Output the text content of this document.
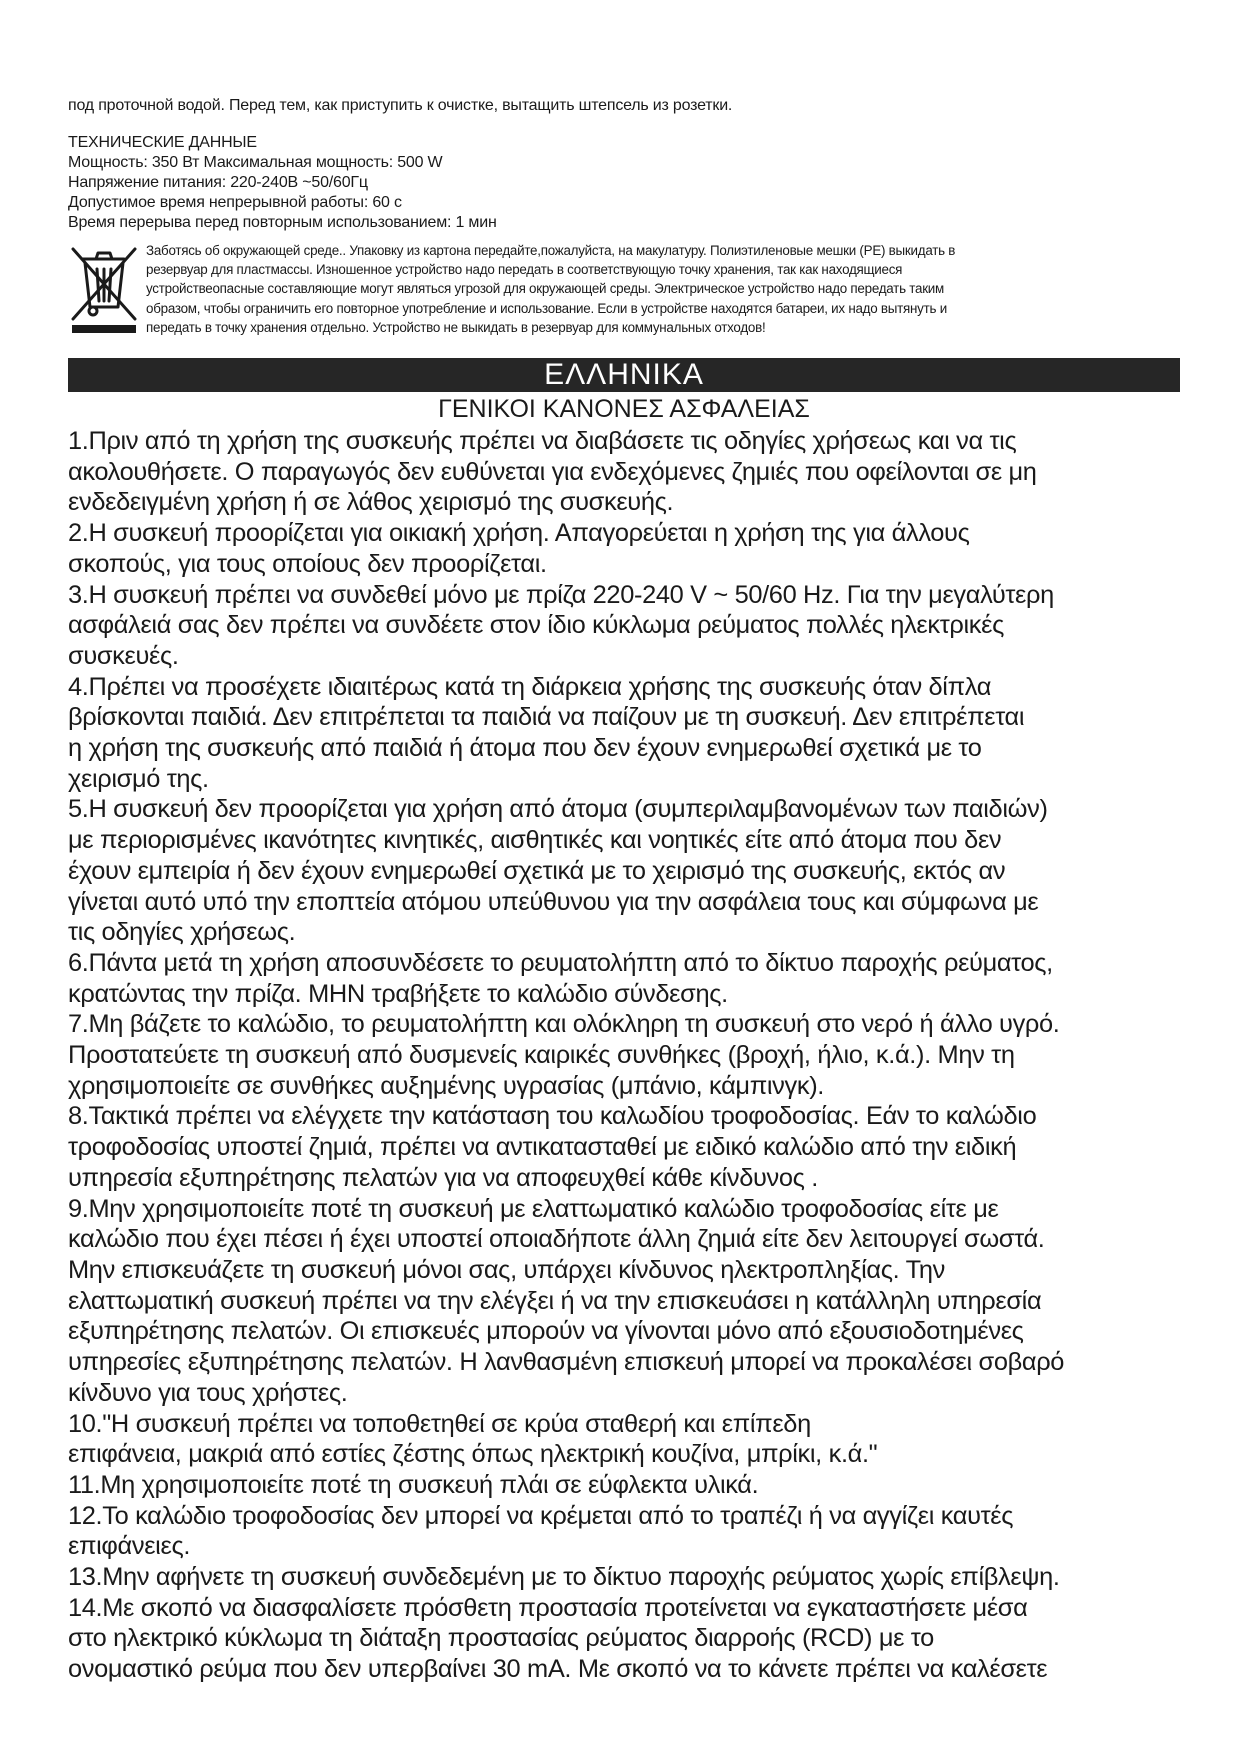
под проточной водой. Перед тем, как приступить к очистке, вытащить штепсель из розетки.
ТЕХНИЧЕСКИЕ ДАННЫЕ
Мощность: 350 Вт Максимальная мощность: 500 W
Напряжение питания: 220-240В ~50/60Гц
Допустимое время непрерывной работы: 60 с
Время перерыва перед повторным использованием: 1 мин
Заботясь об окружающей среде.. Упаковку из картона передайте,пожалуйста, на макулатуру. Полиэтиленовые мешки (PE) выкидать в
резервуар для пластмассы. Изношенное устройство надо передать в соответствующую точку хранения, так как находящиеся
устройствеопасные составляющие могут являться угрозой для окружающей среды. Электрическое устройство надо передать таким
образом, чтобы ограничить его повторное употребление и использование. Если в устройстве находятся батареи, их надо вытянуть и
передать в точку хранения отдельно. Устройство не выкидать в резервуар для коммунальных отходов!
ΕΛΛΗΝΙΚΑ
ΓΕΝΙΚΟΙ ΚΑΝΟΝΕΣ ΑΣΦΑΛΕΙΑΣ
1.Πριν από τη χρήση της συσκευής πρέπει να διαβάσετε τις οδηγίες χρήσεως και να τις
ακολουθήσετε. Ο παραγωγός δεν ευθύνεται για ενδεχόμενες ζημιές που οφείλονται σε μη
ενδεδειγμένη χρήση ή σε λάθος χειρισμό της συσκευής.
2.Η συσκευή προορίζεται για οικιακή χρήση. Απαγορεύεται η χρήση της για άλλους
σκοπούς, για τους οποίους δεν προορίζεται.
3.Η συσκευή πρέπει να συνδεθεί μόνο με πρίζα 220-240 V ~ 50/60 Hz. Για την μεγαλύτερη
ασφάλειά σας δεν πρέπει να συνδέετε στον ίδιο κύκλωμα ρεύματος πολλές ηλεκτρικές
συσκευές.
4.Πρέπει να προσέχετε ιδιαιτέρως κατά τη διάρκεια χρήσης της συσκευής όταν δίπλα
βρίσκονται παιδιά. Δεν επιτρέπεται τα παιδιά να παίζουν με τη συσκευή. Δεν επιτρέπεται
η χρήση της συσκευής από παιδιά ή άτομα που δεν έχουν ενημερωθεί σχετικά με το
χειρισμό της.
5.Η συσκευή δεν προορίζεται για χρήση από άτομα (συμπεριλαμβανομένων των παιδιών)
με περιορισμένες ικανότητες κινητικές, αισθητικές και νοητικές είτε από άτομα που δεν
έχουν εμπειρία ή δεν έχουν ενημερωθεί σχετικά με το χειρισμό της συσκευής, εκτός αν
γίνεται αυτό υπό την εποπτεία ατόμου υπεύθυνου για την ασφάλεια τους και σύμφωνα με
τις οδηγίες χρήσεως.
6.Πάντα μετά τη χρήση αποσυνδέσετε το ρευματολήπτη από το δίκτυο παροχής ρεύματος,
κρατώντας την πρίζα. ΜΗΝ τραβήξετε το καλώδιο σύνδεσης.
7.Μη βάζετε το καλώδιο, το ρευματολήπτη και ολόκληρη τη συσκευή στο νερό ή άλλο υγρό.
Προστατεύετε τη συσκευή από δυσμενείς καιρικές συνθήκες (βροχή, ήλιο, κ.ά.). Μην τη
χρησιμοποιείτε σε συνθήκες αυξημένης υγρασίας (μπάνιο, κάμπινγκ).
8.Τακτικά πρέπει να ελέγχετε την κατάσταση του καλωδίου τροφοδοσίας. Εάν το καλώδιο
τροφοδοσίας υποστεί ζημιά, πρέπει να αντικατασταθεί με ειδικό καλώδιο από την ειδική
υπηρεσία εξυπηρέτησης πελατών για να αποφευχθεί κάθε κίνδυνος .
9.Μην χρησιμοποιείτε ποτέ τη συσκευή με ελαττωματικό καλώδιο τροφοδοσίας είτε με
καλώδιο που έχει πέσει ή έχει υποστεί οποιαδήποτε άλλη ζημιά είτε δεν λειτουργεί σωστά.
Μην επισκευάζετε τη συσκευή μόνοι σας, υπάρχει κίνδυνος ηλεκτροπληξίας. Την
ελαττωματική συσκευή πρέπει να την ελέγξει ή να την επισκευάσει η κατάλληλη υπηρεσία
εξυπηρέτησης πελατών. Οι επισκευές μπορούν να γίνονται μόνο από εξουσιοδοτημένες
υπηρεσίες εξυπηρέτησης πελατών. Η λανθασμένη επισκευή μπορεί να προκαλέσει σοβαρό
κίνδυνο για τους χρήστες.
10."Η συσκευή πρέπει να τοποθετηθεί σε κρύα σταθερή και επίπεδη
επιφάνεια, μακριά από εστίες ζέστης όπως ηλεκτρική κουζίνα, μπρίκι, κ.ά."
11.Μη χρησιμοποιείτε ποτέ τη συσκευή πλάι σε εύφλεκτα υλικά.
12.Το καλώδιο τροφοδοσίας δεν μπορεί να κρέμεται από το τραπέζι ή να αγγίζει καυτές
επιφάνειες.
13.Μην αφήνετε τη συσκευή συνδεδεμένη με το δίκτυο παροχής ρεύματος χωρίς επίβλεψη.
14.Με σκοπό να διασφαλίσετε πρόσθετη προστασία προτείνεται να εγκαταστήσετε μέσα
στο ηλεκτρικό κύκλωμα τη διάταξη προστασίας ρεύματος διαρροής (RCD) με το
ονομαστικό ρεύμα που δεν υπερβαίνει 30 mA. Με σκοπό να το κάνετε πρέπει να καλέσετε
